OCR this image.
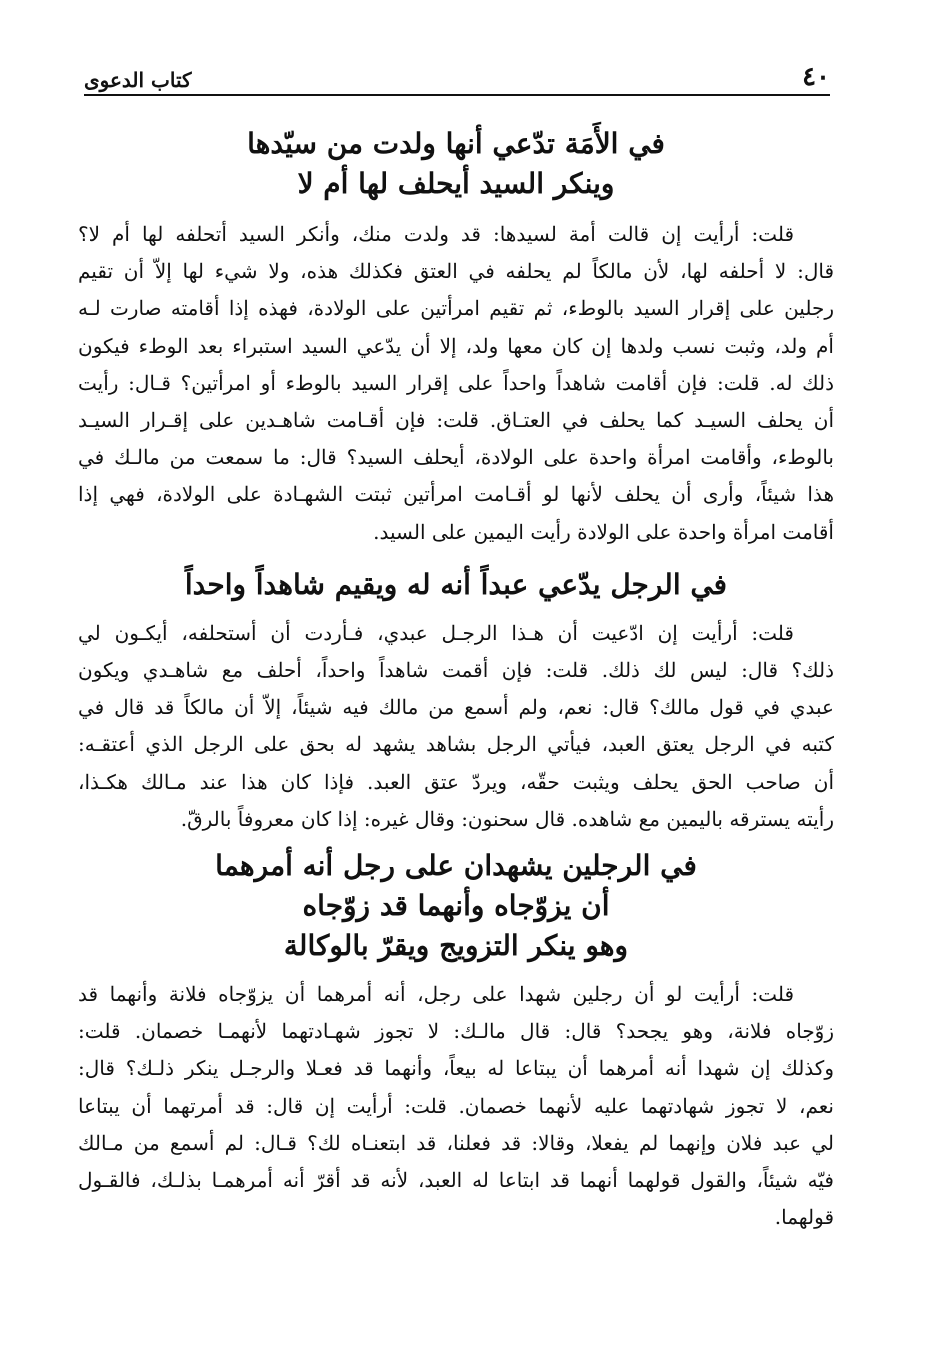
٤٠
كتاب الدعوى
في الأَمَة تدّعي أنها ولدت من سيّدها
وينكر السيد أيحلف لها أم لا
قلت: أرأيت إن قالت أمة لسيدها: قد ولدت منك، وأنكر السيد أتحلفه لها أم لا؟
قال: لا أحلفه لها، لأن مالكاً لم يحلفه في العتق فكذلك هذه، ولا شيء لها إلاّ أن تقيم
رجلين على إقرار السيد بالوطء، ثم تقيم امرأتين على الولادة، فهذه إذا أقامته صارت لـه
أم ولد، وثبت نسب ولدها إن كان معها ولد، إلا أن يدّعي السيد استبراء بعد الوطء فيكون
ذلك له. قلت: فإن أقامت شاهداً واحداً على إقرار السيد بالوطء أو امرأتين؟ قـال: رأيت
أن يحلف السيـد كما يحلف في العتـاق. قلت: فإن أقـامت شاهـدين على إقـرار السيـد
بالوطء، وأقامت امرأة واحدة على الولادة، أيحلف السيد؟ قال: ما سمعت من مالـك في
هذا شيئاً، وأرى أن يحلف لأنها لو أقـامت امرأتين ثبتت الشهـادة على الولادة، فهي إذا
أقامت امرأة واحدة على الولادة رأيت اليمين على السيد.
في الرجل يدّعي عبداً أنه له ويقيم شاهداً واحداً
قلت: أرأيت إن ادّعيت أن هـذا الرجـل عبدي، فـأردت أن أستحلفه، أيكـون لي
ذلك؟ قال: ليس لك ذلك. قلت: فإن أقمت شاهداً واحداً، أحلف مع شاهـدي ويكون
عبدي في قول مالك؟ قال: نعم، ولم أسمع من مالك فيه شيئاً، إلاّ أن مالكاً قد قال في
كتبه في الرجل يعتق العبد، فيأتي الرجل بشاهد يشهد له بحق على الرجل الذي أعتقـه:
أن صاحب الحق يحلف ويثبت حقّه، ويردّ عتق العبد. فإذا كان هذا عند مـالك هكـذا،
رأيته يسترقه باليمين مع شاهده. قال سحنون: وقال غيره: إذا كان معروفاً بالرقّ.
في الرجلين يشهدان على رجل أنه أمرهما
أن يزوّجاه وأنهما قد زوّجاه
وهو ينكر التزويج ويقرّ بالوكالة
قلت: أرأيت لو أن رجلين شهدا على رجل، أنه أمرهما أن يزوّجاه فلانة وأنهما قد
زوّجاه فلانة، وهو يجحد؟ قال: قال مالـك: لا تجوز شهـادتهما لأنهمـا خصمان. قلت:
وكذلك إن شهدا أنه أمرهما أن يبتاعا له بيعاً، وأنهما قد فعـلا والرجـل ينكر ذلـك؟ قال:
نعم، لا تجوز شهادتهما عليه لأنهما خصمان. قلت: أرأيت إن قال: قد أمرتهما أن يبتاعا
لي عبد فلان وإنهما لم يفعلا، وقالا: قد فعلنا، قد ابتعنـاه لك؟ قـال: لم أسمع من مـالك
فيّه شيئاً، والقول قولهما أنهما قد ابتاعا له العبد، لأنه قد أقرّ أنه أمرهمـا بذلـك، فالقـول
قولهما.
